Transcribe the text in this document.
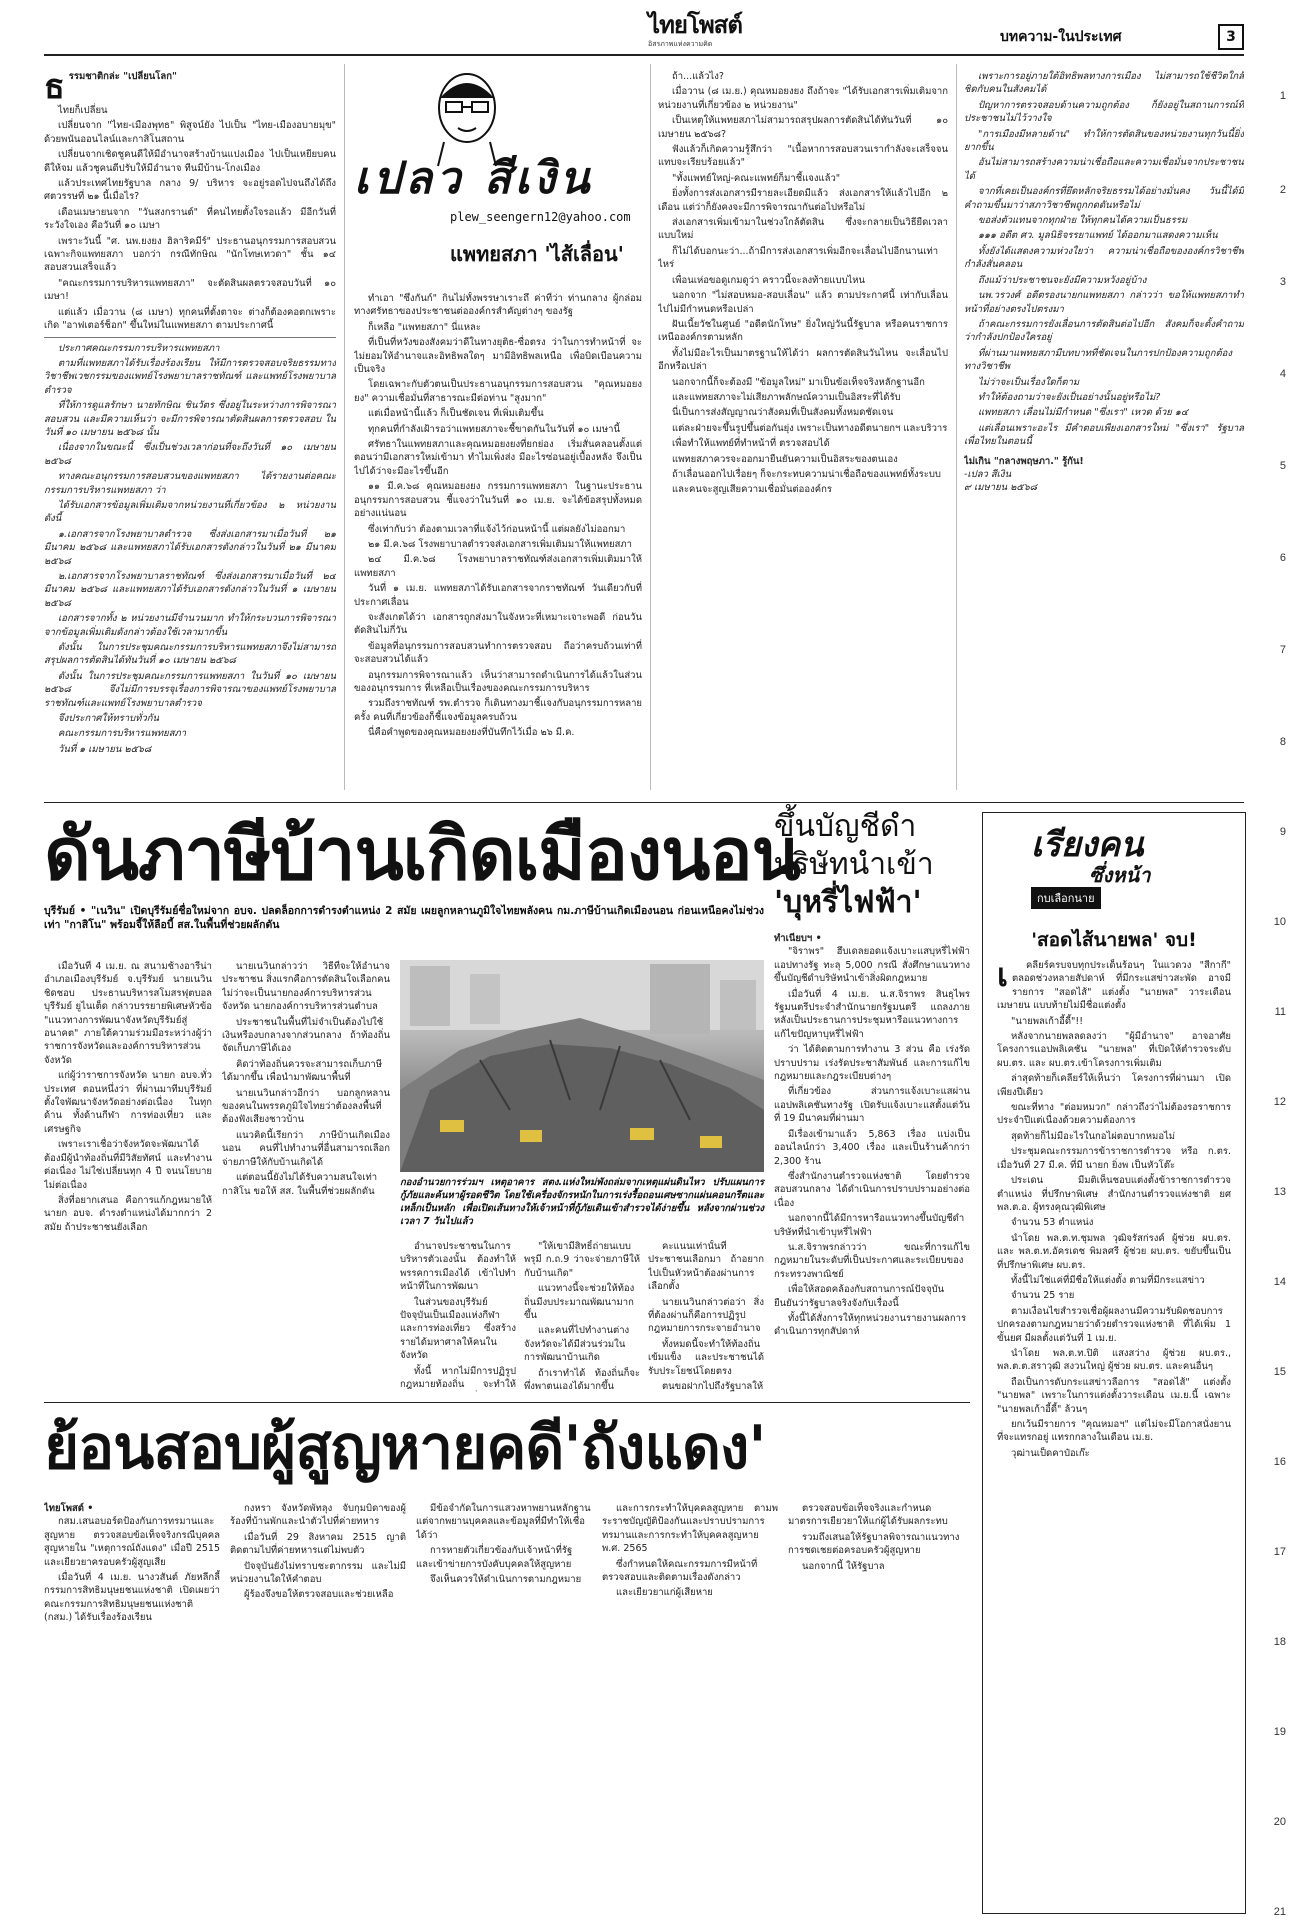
ไทยโพสต์
อิสรภาพแห่งความคิด	บทความ-ในประเทศ	3
1
2
3
4
5
6
7
8
9
10
11
12
13
14
15
16
17
18
19
20
21
ธ รรมชาติกล่ะ "เปลี่ยนโลก"

ไทยก็เปลี่ยน

เปลี่ยนจาก "ไทย-เมืองพุทธ" พิสูจน์ยัง ไปเป็น "ไทย-เมืองอบายมุข" ด้วยพนันออนไลน์และกาสิโนสถาน

เปลี่ยนจากเชิดชูคนดีให้มีอำนาจสร้างบ้านแปงเมือง ไปเป็นเหยียบคนดีให้จม แล้วชูคนดีปรับให้มีอำนาจ ทีนมีบ้าน-โกงเมือง

แล้วประเทศไทยรัฐบาล กลาง 9/ บริหาร จะอยู่รอดไปจนถึงได้ถึงศตวรรษที่ ๒๑ นี้เมื่อไร?

เดือนเมษายนจาก "วันสงกรานต์" ที่คนไทยตั้งใจรอแล้ว มีอีกวันที่ระวังใจเอง คือวันที่ ๑๐ เมษา

เพราะวันนี้ "ศ. นพ.ยงยง ฮิลาริคมีร์" ประธานอนุกรรมการสอบสวนเฉพาะกิจแพทยสภา บอกว่า กรณีทักษิณ "นักโทษเทวดา" ชั้น ๑๔ สอบสวนเสร็จแล้ว

"คณะกรรมการบริหารแพทยสภา" จะตัดสินผลตรวจสอบวันที่ ๑๐ เมษา!

แต่แล้ว เมื่อวาน (๘ เมษา) ทุกคนที่ตั้งตาจะ ต่างก็ต้องคอตกเพราะเกิด "อาฟเตอร์ช็อก" ขึ้นใหม่ในแพทยสภา ตามประกาศนี้

ประกาศคณะกรรมการบริหารแพทยสภา

ตามที่แพทยสภาได้รับเรื่องร้องเรียน ให้มีการตรวจสอบจริยธรรมทางวิชาชีพเวชกรรมของแพทย์โรงพยาบาลราชทัณฑ์ และแพทย์โรงพยาบาลตำรวจ

ที่ให้การดูแลรักษา นายทักษิณ ชินวัตร ซึ่งอยู่ในระหว่างการพิจารณาสอบสวน และมีความเห็นว่า จะมีการพิจารณาตัดสินผลการตรวจสอบ ในวันที่ ๑๐ เมษายน ๒๕๖๘ นั้น

เนื่องจากในขณะนี้ ซึ่งเป็นช่วงเวลาก่อนที่จะถึงวันที่ ๑๐ เมษายน ๒๕๖๘

ทางคณะอนุกรรมการสอบสวนของแพทยสภา ได้รายงานต่อคณะกรรมการบริหารแพทยสภา ว่า

ได้รับเอกสารข้อมูลเพิ่มเติมจากหน่วยงานที่เกี่ยวข้อง ๒ หน่วยงานดังนี้

๑.เอกสารจากโรงพยาบาลตำรวจ ซึ่งส่งเอกสารมาเมื่อวันที่ ๒๑ มีนาคม ๒๕๖๘ และแพทยสภาได้รับเอกสารดังกล่าวในวันที่ ๒๑ มีนาคม ๒๕๖๘

๒.เอกสารจากโรงพยาบาลราชทัณฑ์ ซึ่งส่งเอกสารมาเมื่อวันที่ ๒๔ มีนาคม ๒๕๖๘ และแพทยสภาได้รับเอกสารดังกล่าวในวันที่ ๑ เมษายน ๒๕๖๘

เอกสารจากทั้ง ๒ หน่วยงานมีจำนวนมาก ทำให้กระบวนการพิจารณาจากข้อมูลเพิ่มเติมดังกล่าวต้องใช้เวลามากขึ้น

ดังนั้น ในการประชุมคณะกรรมการบริหารแพทยสภาจึงไม่สามารถสรุปผลการตัดสินได้ทันวันที่ ๑๐ เมษายน ๒๕๖๘

ดังนั้น ในการประชุมคณะกรรมการแพทยสภา ในวันที่ ๑๐ เมษายน ๒๕๖๘ จึงไม่มีการบรรจุเรื่องการพิจารณาของแพทย์โรงพยาบาลราชทัณฑ์และแพทย์โรงพยาบาลตำรวจ

จึงประกาศให้ทราบทั่วกัน

คณะกรรมการบริหารแพทยสภา

วันที่ ๑ เมษายน ๒๕๖๘

เปลว สีเงิน
plew_seengern12@yahoo.com
แพทยสภา 'ไส้เลื่อน'

ทำเอา "ซึ่งกันก์" กินไม่ทั้งพรรษาเราะถึ ค่าที่ว่า ท่านกลาง ผู้กล่อมทางศรัทธาของประชาชนต่อองค์กรสำคัญต่างๆ ของรัฐ

ก็เหลือ "แพทยสภา" นี่แหละ

ที่เป็นที่หวังของสังคมว่าดีในทางยุติธ-ซื่อตรง ว่าในการทำหน้าที่ จะไม่ยอมให้อำนาจและอิทธิพลใดๆ มามีอิทธิพลเหนือ เพื่อบิดเบือนความเป็นจริง

โดยเฉพาะกับตัวตนเป็นประธานอนุกรรมการสอบสวน "คุณหมอยงยง" ความเชื่อมั่นที่สาธารณะมีต่อท่าน "สูงมาก"

แต่เมื่อหน้านี้แล้ว ก็เป็นชัดเจน ที่เพิ่มเติมขึ้น

ทุกคนที่กำลังเฝ้ารอว่าแพทยสภาจะชี้ขาดกันในวันที่ ๑๐ เมษานี้

ศรัทธาในแพทยสภาและคุณหมอยงยงที่ยกย่อง เริ่มสั่นคลอนตั้งแต่ตอนว่ามีเอกสารใหม่เข้ามา ทำไมเพิ่งส่ง มีอะไรซ่อนอยู่เบื้องหลัง จึงเป็นไปได้ว่าจะมีอะไรขึ้นอีก

๑๑ มี.ค.๖๘ คุณหมอยงยง กรรมการแพทยสภา ในฐานะประธานอนุกรรมการสอบสวน ชี้แจงว่าในวันที่ ๑๐ เม.ย. จะได้ข้อสรุปทั้งหมดอย่างแน่นอน

ซึ่งเท่ากับว่า ต้องตามเวลาที่แจ้งไว้ก่อนหน้านี้ แต่ผลยังไม่ออกมา

๒๑ มี.ค.๖๘ โรงพยาบาลตำรวจส่งเอกสารเพิ่มเติมมาให้แพทยสภา

๒๔ มี.ค.๖๘ โรงพยาบาลราชทัณฑ์ส่งเอกสารเพิ่มเติมมาให้แพทยสภา

วันที่ ๑ เม.ย. แพทยสภาได้รับเอกสารจากราชทัณฑ์ วันเดียวกับที่ประกาศเลื่อน

จะสังเกตได้ว่า เอกสารถูกส่งมาในจังหวะที่เหมาะเจาะพอดี ก่อนวันตัดสินไม่กี่วัน

ข้อมูลที่อนุกรรมการสอบสวนทำการตรวจสอบ ถือว่าครบถ้วนเท่าที่จะสอบสวนได้แล้ว

อนุกรรมการพิจารณาแล้ว เห็นว่าสามารถดำเนินการได้แล้วในส่วนของอนุกรรมการ ที่เหลือเป็นเรื่องของคณะกรรมการบริหาร

รวมถึงราชทัณฑ์ รพ.ตำรวจ ก็เดินทางมาชี้แจงกับอนุกรรมการหลายครั้ง คนที่เกี่ยวข้องก็ชี้แจงข้อมูลครบถ้วน

นี่คือคำพูดของคุณหมอยงยงที่บันทึกไว้เมื่อ ๒๖ มี.ค.

ถ้า...แล้วไง?

เมื่อวาน (๘ เม.ย.) คุณหมอยงยง ถึงถ้าจะ "ได้รับเอกสารเพิ่มเติมจากหน่วยงานที่เกี่ยวข้อง ๒ หน่วยงาน"

เป็นเหตุให้แพทยสภาไม่สามารถสรุปผลการตัดสินได้ทันวันที่ ๑๐ เมษายน ๒๕๖๘?

ฟังแล้วก็เกิดความรู้สึกว่า "เนื้อหาการสอบสวนเรากำลังจะเสร็จจนแทบจะเรียบร้อยแล้ว"

"ทั้งแพทย์ใหญ่-คณะแพทย์ก็มาชี้แจงแล้ว"

ยิ่งทั้งการส่งเอกสารมีรายละเอียดมีแล้ว ส่งเอกสารให้แล้วไปอีก ๒ เดือน แต่ว่าก็ยังคงจะมีการพิจารณากันต่อไปหรือไม่

ส่งเอกสารเพิ่มเข้ามาในช่วงใกล้ตัดสิน ซึ่งจะกลายเป็นวิธียืดเวลาแบบใหม่

ก็ไม่ได้บอกนะว่า...ถ้ามีการส่งเอกสารเพิ่มอีกจะเลื่อนไปอีกนานเท่าไหร่

เพื่อนเห่อขอดูเกมดูว่า คราวนี้จะลงท้ายแบบไหน

นอกจาก "ไม่สอบหมอ-สอบเลื่อน" แล้ว ตามประกาศนี้ เท่ากับเลื่อนไปไม่มีกำหนดหรือเปล่า

ฝันเนี้ยวัชในศูนย์ "อดีตนักโทษ" ยิ่งใหญ่วันนี้รัฐบาล หรือคนราชการ เหนือองค์กรตามหลัก

ทั้งไม่มีอะไรเป็นมาตรฐานให้ได้ว่า ผลการตัดสินวันไหน จะเลื่อนไปอีกหรือเปล่า

นอกจากนี้ก็จะต้องมี "ข้อมูลใหม่" มาเป็นข้อเท็จจริงหลักฐานอีก

และแพทยสภาจะไม่เสียภาพลักษณ์ความเป็นอิสระที่ได้รับ

นี่เป็นการส่งสัญญาณว่าสังคมที่เป็นสังคมทั้งหมดชัดเจน

แต่ละฝ่ายจะขึ้นรูปขึ้นต่อกันยุ่ง เพราะเป็นทางอดีตนายกฯ และบริวาร

เพื่อทำให้แพทย์ที่ทำหน้าที่ ตรวจสอบได้

แพทยสภาควรจะออกมายืนยันความเป็นอิสระของตนเอง

ถ้าเลื่อนออกไปเรื่อยๆ ก็จะกระทบความน่าเชื่อถือของแพทย์ทั้งระบบ

และคนจะสูญเสียความเชื่อมั่นต่อองค์กร

เพราะการอยู่ภายใต้อิทธิพลทางการเมือง ไม่สามารถใช้ชีวิตใกล้ชิดกับคนในสังคมได้

ปัญหาการตรวจสอบด้านความถูกต้อง ก็ยังอยู่ในสถานการณ์ที่ประชาชนไม่ไว้วางใจ

"การเมืองมีหลายด้าน" ทำให้การตัดสินของหน่วยงานทุกวันนี้ยิ่งยากขึ้น

อันไม่สามารถสร้างความน่าเชื่อถือและความเชื่อมั่นจากประชาชนได้

จากที่เคยเป็นองค์กรที่ยึดหลักจริยธรรมได้อย่างมั่นคง วันนี้ได้มีคำถามขึ้นมาว่าสภาวิชาชีพถูกกดดันหรือไม่

ขอส่งตัวแทนจากทุกฝ่าย ให้ทุกคนได้ความเป็นธรรม

๑๑๑ อดีต ศว. มูลนิธิจรรยาแพทย์ ได้ออกมาแสดงความเห็น

ทั้งยังได้แสดงความห่วงใยว่า ความน่าเชื่อถือขององค์กรวิชาชีพกำลังสั่นคลอน

ถึงแม้ว่าประชาชนจะยังมีความหวังอยู่บ้าง

นพ.วรวงศ์ อดีตรองนายกแพทยสภา กล่าวว่า ขอให้แพทยสภาทำหน้าที่อย่างตรงไปตรงมา

ถ้าคณะกรรมการยังเลื่อนการตัดสินต่อไปอีก สังคมก็จะตั้งคำถามว่ากำลังปกป้องใครอยู่

ที่ผ่านมาแพทยสภามีบทบาทที่ชัดเจนในการปกป้องความถูกต้องทางวิชาชีพ

ไม่ว่าจะเป็นเรื่องใดก็ตาม

ทำให้ต้องถามว่าจะยังเป็นอย่างนั้นอยู่หรือไม่?

แพทยสภา เลื่อนไม่มีกำหนด "ซึ่งเรา" เหวด ด้วย ๑๔

แต่เลื่อนเพราะอะไร มีคำตอบเพียงเอกสารใหม่ "ซึ่งเรา" รัฐบาลเพื่อไทยในตอนนี้

ไม่เกิน "กลางพฤษภา." รู้กัน!
-เปลว สีเงิน
๙ เมษายน ๒๕๖๘
ดันภาษีบ้านเกิดเมืองนอน
บุรีรัมย์ • "เนวิน" เปิดบุรีรัมย์ชื่อใหม่จาก อบจ. ปลดล็อกการดำรงตำแหน่ง 2 สมัย เผยลูกหลานภูมิใจไทยพลังคน กม.ภาษีบ้านเกิดเมืองนอน ก่อนเหนือคงไม่ช่วงเท่า "กาสิโน" พร้อมจี้ให้ลือบี้ สส.ในพื้นที่ช่วยผลักดัน

เมื่อวันที่ 4 เม.ย. ณ สนามช้างอารีน่า อำเภอเมืองบุรีรัมย์ จ.บุรีรัมย์ นายเนวิน ชิดชอบ ประธานบริหารสโมสรฟุตบอลบุรีรัมย์ ยูไนเต็ด กล่าวบรรยายพิเศษหัวข้อ "แนวทางการพัฒนาจังหวัดบุรีรัมย์สู่อนาคต" ภายใต้ความร่วมมือระหว่างผู้ว่าราชการจังหวัดและองค์การบริหารส่วนจังหวัด

แก่ผู้ว่าราชการจังหวัด นายก อบจ.ทั่วประเทศ ตอนหนึ่งว่า ที่ผ่านมาทีมบุรีรัมย์ตั้งใจพัฒนาจังหวัดอย่างต่อเนื่อง ในทุกด้าน ทั้งด้านกีฬา การท่องเที่ยว และเศรษฐกิจ

เพราะเราเชื่อว่าจังหวัดจะพัฒนาได้ ต้องมีผู้นำท้องถิ่นที่มีวิสัยทัศน์ และทำงานต่อเนื่อง ไม่ใช่เปลี่ยนทุก 4 ปี จนนโยบายไม่ต่อเนื่อง

สิ่งที่อยากเสนอ คือการแก้กฎหมายให้ นายก อบจ. ดำรงตำแหน่งได้มากกว่า 2 สมัย ถ้าประชาชนยังเลือก

นายเนวินกล่าวว่า วิธีที่จะให้อำนาจประชาชน สิ่งแรกคือการตัดสินใจเลือกคน ไม่ว่าจะเป็นนายกองค์การบริหารส่วนจังหวัด นายกองค์การบริหารส่วนตำบล

ประชาชนในพื้นที่ไม่จำเป็นต้องไปใช้เงินหรืองบกลางจากส่วนกลาง ถ้าท้องถิ่นจัดเก็บภาษีได้เอง

คิดว่าท้องถิ่นควรจะสามารถเก็บภาษีได้มากขึ้น เพื่อนำมาพัฒนาพื้นที่

นายเนวินกล่าวอีกว่า บอกลูกหลานของคนในพรรคภูมิใจไทยว่าต้องลงพื้นที่ ต้องฟังเสียงชาวบ้าน

แนวคิดนี้เรียกว่า ภาษีบ้านเกิดเมืองนอน คนที่ไปทำงานที่อื่นสามารถเลือกจ่ายภาษีให้กับบ้านเกิดได้

แต่ตอนนี้ยังไม่ได้รับความสนใจเท่ากาสิโน ขอให้ สส. ในพื้นที่ช่วยผลักดัน

กองอำนวยการร่วมฯ เหตุอาคาร สตง.แห่งใหม่พังถล่มจากเหตุแผ่นดินไหว ปรับแผนการกู้ภัยและค้นหาผู้รอดชีวิต โดยใช้เครื่องจักรหนักในการเร่งรื้อถอนเศษซากแผ่นคอนกรีตและเหล็กเป็นหลัก เพื่อเปิดเส้นทางให้เจ้าหน้าที่กู้ภัยเดินเข้าสำรวจได้ง่ายขึ้น หลังจากผ่านช่วงเวลา 7 วันไปแล้ว

อำนาจประชาชนในการบริหารตัวเองนั้น ต้องทำให้พรรคการเมืองได้ เข้าไปทำหน้าที่ในการพัฒนา

ในส่วนของบุรีรัมย์ ปัจจุบันเป็นเมืองแห่งกีฬา และการท่องเที่ยว ซึ่งสร้างรายได้มหาศาลให้คนในจังหวัด

ทั้งนี้ หากไม่มีการปฏิรูปกฎหมายท้องถิ่น จะทำให้

"ให้เขามีสิทธิ์ถ่ายนเบบพรุมี ก.ถ.9 ว่าจะจ่ายภาษีให้กับบ้านเกิด"

แนวทางนี้จะช่วยให้ท้องถิ่นมีงบประมาณพัฒนามากขึ้น

และคนที่ไปทำงานต่างจังหวัดจะได้มีส่วนร่วมในการพัฒนาบ้านเกิด

ถ้าเราทำได้ ท้องถิ่นก็จะพึ่งพาตนเองได้มากขึ้น

คะแนนเท่านั้นที่ประชาชนเลือกมา ถ้าอยากไปเป็นหัวหน้าต้องผ่านการเลือกตั้ง

นายเนวินกล่าวต่อว่า สิ่งที่ต้องผ่านก็คือการปฏิรูปกฎหมายการกระจายอำนาจ

ทั้งหมดนี้จะทำให้ท้องถิ่นเข้มแข็ง และประชาชนได้รับประโยชน์โดยตรง

ตนขอฝากไปถึงรัฐบาลให้

ขึ้นบัญชีดำ
บริษัทนำเข้า
'บุหรี่ไฟฟ้า'
ทำเนียบฯ •

"จิราพร" ฮึบเดลยอดแจ้งเบาะแสบุหรี่ไฟฟ้า แอปทางรัฐ ทะลุ 5,000 กรณี สั่งศึกษาแนวทางขึ้นบัญชีดำบริษัทนำเข้าสิ่งผิดกฎหมาย

เมื่อวันที่ 4 เม.ย. น.ส.จิราพร สินธุไพร รัฐมนตรีประจำสำนักนายกรัฐมนตรี แถลงภายหลังเป็นประธานการประชุมหารือแนวทางการแก้ไขปัญหาบุหรี่ไฟฟ้า

ว่า ได้ติดตามการทำงาน 3 ส่วน คือ เร่งรัดปราบปราม เร่งรัดประชาสัมพันธ์ และการแก้ไขกฎหมายและกฎระเบียบต่างๆ

ที่เกี่ยวข้อง ส่วนการแจ้งเบาะแสผ่านแอปพลิเคชันทางรัฐ เปิดรับแจ้งเบาะแสตั้งแต่วันที่ 19 มีนาคมที่ผ่านมา

มีเรื่องเข้ามาแล้ว 5,863 เรื่อง แบ่งเป็นออนไลน์กว่า 3,400 เรื่อง และเป็นร้านค้ากว่า 2,300 ร้าน

ซึ่งสำนักงานตำรวจแห่งชาติ โดยตำรวจสอบสวนกลาง ได้ดำเนินการปราบปรามอย่างต่อเนื่อง

นอกจากนี้ได้มีการหารือแนวทางขึ้นบัญชีดำบริษัทที่นำเข้าบุหรี่ไฟฟ้า

น.ส.จิราพรกล่าวว่า ขณะที่การแก้ไขกฎหมายในระดับที่เป็นประกาศและระเบียบของกระทรวงพาณิชย์

เพื่อให้สอดคล้องกับสถานการณ์ปัจจุบัน ยืนยันว่ารัฐบาลจริงจังกับเรื่องนี้

ทั้งนี้ได้สั่งการให้ทุกหน่วยงานรายงานผลการดำเนินการทุกสัปดาห์

เรียงคน
ซึ่งหน้า
กบเลือกนาย
'สอดไส้นายพล' จบ!
เ	คลียร์ครบจบทุกประเด็นร้อนๆ ในแวดวง "สีกากี" ตลอดช่วงหลายสัปดาห์ ที่มีกระแสข่าวสะพัด อาจมีรายการ "สอดไส้" แต่งตั้ง "นายพล" วาระเดือนเมษายน แบบท้ายไม่มีชื่อแต่งตั้ง

"นายพลเก้าอี้ดี้"!!

หลังจากนายพลลดลงว่า "ผู้มีอำนาจ" อาจอาศัยโครงการแอปพลิเคชัน "นายพล" ที่เปิดให้ตำรวจระดับ ผบ.ตร. และ ผบ.ตร.เข้าโครงการเพิ่มเติม

ล่าสุดท้ายก็เคลียร์ให้เห็นว่า โครงการที่ผ่านมา เปิดเพียงปีเดียว

ขณะที่ทาง "ต่อมหมวก" กล่าวถึงว่าไม่ต้องรอราชการประจำปีแต่เนื่องด้วยความต้องการ

สุดท้ายก็ไม่มีอะไรในกอไผ่ตอบากหมอไม่

ประชุมคณะกรรมการข้าราชการตำรวจ หรือ ก.ตร. เมื่อวันที่ 27 มี.ค. ที่มี นายก ยิ่งพ เป็นหัวโต๊ะ

ประเดน มีมติเห็นชอบแต่งตั้งข้าราชการตำรวจ ตำแหน่ง ที่ปรึกษาพิเศษ สำนักงานตำรวจแห่งชาติ ยศ พล.ต.อ. ผู้ทรงคุณวุฒิพิเศษ

จำนวน 53 ตำแหน่ง

นำโดย พล.ต.ท.ชุมพล วุฒิจรัสก่รงค์ ผู้ช่วย ผบ.ตร. และ พล.ต.ท.อัครเดช พิมลศรี ผู้ช่วย ผบ.ตร. ขยับขึ้นเป็น ที่ปรึกษาพิเศษ ผบ.ตร.

ทั้งนี้ไม่ใช่แค่ที่มีชื่อให้แต่งตั้ง ตามที่มีกระแสข่าว

จำนวน 25 ราย

ตามเงื่อนไขสำรวจเชื่อผู้ผลงานมีความรับผิดชอบการปกครองตามกฎหมายว่าด้วยตำรวจแห่งชาติ ที่ได้เพิ่ม 1 ขั้นยศ มีผลตั้งแต่วันที่ 1 เม.ย.

นำโดย พล.ต.ท.ปิติ แสงสว่าง ผู้ช่วย ผบ.ตร., พล.ต.ต.สราวุฒิ สงวนใหญ่ ผู้ช่วย ผบ.ตร. และคนอื่นๆ

ถือเป็นการดับกระแสข่าวลือการ "สอดไส้" แต่งตั้ง "นายพล" เพราะในการแต่งตั้งวาระเดือน เม.ย.นี้ เฉพาะ "นายพลเก้าอี้ดี้" ล้วนๆ

ยกเว้นมีรายการ "คุณหมอฯ" แต่ไม่จะมีโอกาสนั่งยาน ที่จะแทรกอยู่ แทรกกลางในเดือน เม.ย.

วุฒ่านเป็ดคาป๋อเก๊ะ

ย้อนสอบผู้สูญหายคดี'ถังแดง'
ไทยโพสต์ •

กสม.เสนอบอร์ดป้องกันการทรมานและสูญหาย ตรวจสอบข้อเท็จจริงกรณีบุคคลสูญหายใน "เหตุการณ์ถังแดง" เมื่อปี 2515 และเยียวยาครอบครัวผู้สูญเสีย

เมื่อวันที่ 4 เม.ย. นางวสันต์ ภัยหลีกลี้ กรรมการสิทธิมนุษยชนแห่งชาติ เปิดเผยว่า คณะกรรมการสิทธิมนุษยชนแห่งชาติ (กสม.) ได้รับเรื่องร้องเรียน

กงหรา จังหวัดพัทลุง จับกุมบิดาของผู้ร้องที่บ้านพักและนำตัวไปที่ค่ายทหาร

เมื่อวันที่ 29 สิงหาคม 2515 ญาติติดตามไปที่ค่ายทหารแต่ไม่พบตัว

ปัจจุบันยังไม่ทราบชะตากรรม และไม่มีหน่วยงานใดให้คำตอบ

ผู้ร้องจึงขอให้ตรวจสอบและช่วยเหลือ

มีข้อจำกัดในการแสวงหาพยานหลักฐาน แต่จากพยานบุคคลและข้อมูลที่มีทำให้เชื่อได้ว่า

การหายตัวเกี่ยวข้องกับเจ้าหน้าที่รัฐ และเข้าข่ายการบังคับบุคคลให้สูญหาย

จึงเห็นควรให้ดำเนินการตามกฎหมาย

และการกระทำให้บุคคลสูญหาย ตามพระราชบัญญัติป้องกันและปราบปรามการทรมานและการกระทำให้บุคคลสูญหาย พ.ศ. 2565

ซึ่งกำหนดให้คณะกรรมการมีหน้าที่ตรวจสอบและติดตามเรื่องดังกล่าว

และเยียวยาแก่ผู้เสียหาย

ตรวจสอบข้อเท็จจริงและกำหนดมาตรการเยียวยาให้แก่ผู้ได้รับผลกระทบ

รวมถึงเสนอให้รัฐบาลพิจารณาแนวทางการชดเชยต่อครอบครัวผู้สูญหาย

นอกจากนี้ ให้รัฐบาล
